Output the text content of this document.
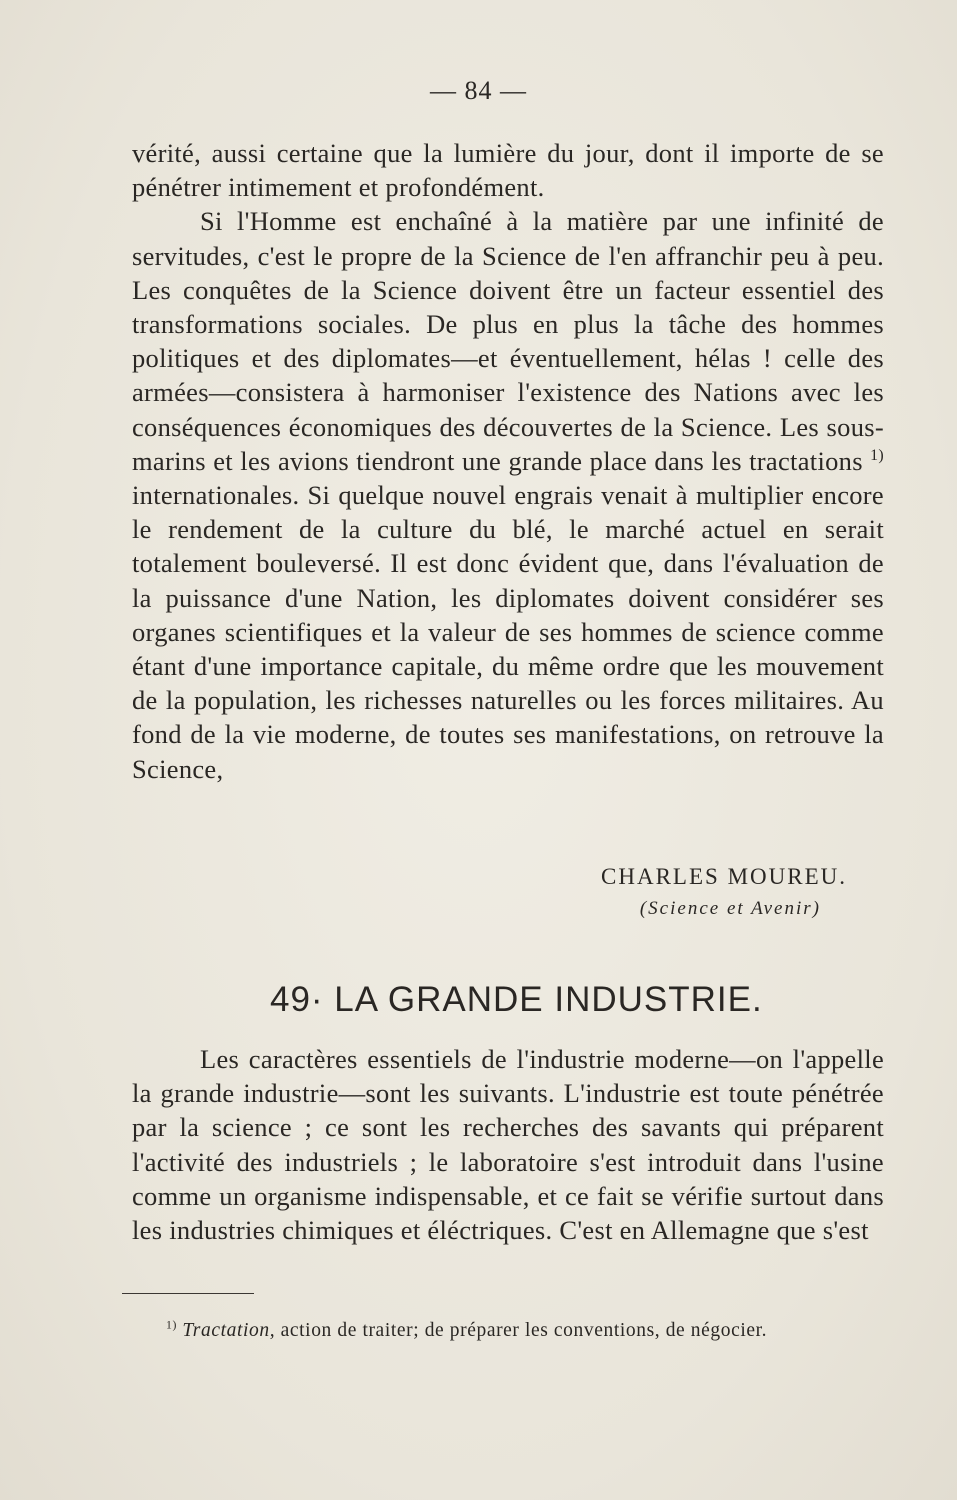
— 84 —

vérité, aussi certaine que la lumière du jour, dont il importe de se pénétrer intimement et profondément.

Si l'Homme est enchaîné à la matière par une infinité de servitudes, c'est le propre de la Science de l'en affranchir peu à peu. Les conquêtes de la Science doivent être un facteur essentiel des transformations sociales. De plus en plus la tâche des hommes politiques et des diplomates—et éventuellement, hélas ! celle des armées—consistera à harmoniser l'existence des Nations avec les conséquences économiques des découvertes de la Science. Les sous-marins et les avions tiendront une grande place dans les tractations $^{1)}$ internationales. Si quelque nouvel engrais venait à multiplier encore le rendement de la culture du blé, le marché actuel en serait totalement bouleversé. Il est donc évident que, dans l'évaluation de la puissance d'une Nation, les diplomates doivent considérer ses organes scientifiques et la valeur de ses hommes de science comme étant d'une importance capitale, du même ordre que les mouvement de la population, les richesses naturelles ou les forces militaires. Au fond de la vie moderne, de toutes ses manifestations, on retrouve la Science,

CHARLES MOUREU.
(Science et Avenir)
49· LA GRANDE INDUSTRIE.

Les caractères essentiels de l'industrie moderne—on l'appelle la grande industrie—sont les suivants. L'industrie est toute pénétrée par la science ; ce sont les recherches des savants qui préparent l'activité des industriels ; le laboratoire s'est introduit dans l'usine comme un organisme indispensable, et ce fait se vérifie surtout dans les industries chimiques et éléctriques. C'est en Allemagne que s'est

$^{1)}$ Tractation, action de traiter; de préparer les conventions, de négocier.
